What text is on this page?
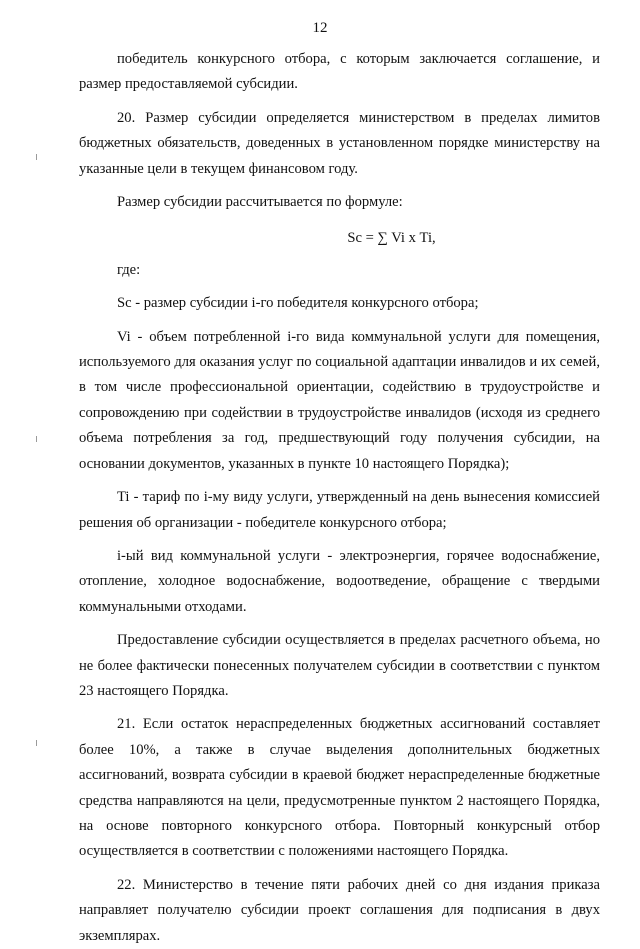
12

победитель конкурсного отбора, с которым заключается соглашение, и размер предоставляемой субсидии.

20. Размер субсидии определяется министерством в пределах лимитов бюджетных обязательств, доведенных в установленном порядке министерству на указанные цели в текущем финансовом году.

Размер субсидии рассчитывается по формуле:

Sc = ∑ Vi х Ti,

где:

Sc - размер субсидии i-го победителя конкурсного отбора;

Vi - объем потребленной i-го вида коммунальной услуги для помещения, используемого для оказания услуг по социальной адаптации инвалидов и их семей, в том числе профессиональной ориентации, содействию в трудоустройстве и сопровождению при содействии в трудоустройстве инвалидов (исходя из среднего объема потребления за год, предшествующий году получения субсидии, на основании документов, указанных в пункте 10 настоящего Порядка);

Ti - тариф по i-му виду услуги, утвержденный на день вынесения комиссией решения об организации - победителе конкурсного отбора;

i-ый вид коммунальной услуги - электроэнергия, горячее водоснабжение, отопление, холодное водоснабжение, водоотведение, обращение с твердыми коммунальными отходами.

Предоставление субсидии осуществляется в пределах расчетного объема, но не более фактически понесенных получателем субсидии в соответствии с пунктом 23 настоящего Порядка.

21. Если остаток нераспределенных бюджетных ассигнований составляет более 10%, а также в случае выделения дополнительных бюджетных ассигнований, возврата субсидии в краевой бюджет нераспределенные бюджетные средства направляются на цели, предусмотренные пунктом 2 настоящего Порядка, на основе повторного конкурсного отбора. Повторный конкурсный отбор осуществляется в соответствии с положениями настоящего Порядка.

22. Министерство в течение пяти рабочих дней со дня издания приказа направляет получателю субсидии проект соглашения для подписания в двух экземплярах.
